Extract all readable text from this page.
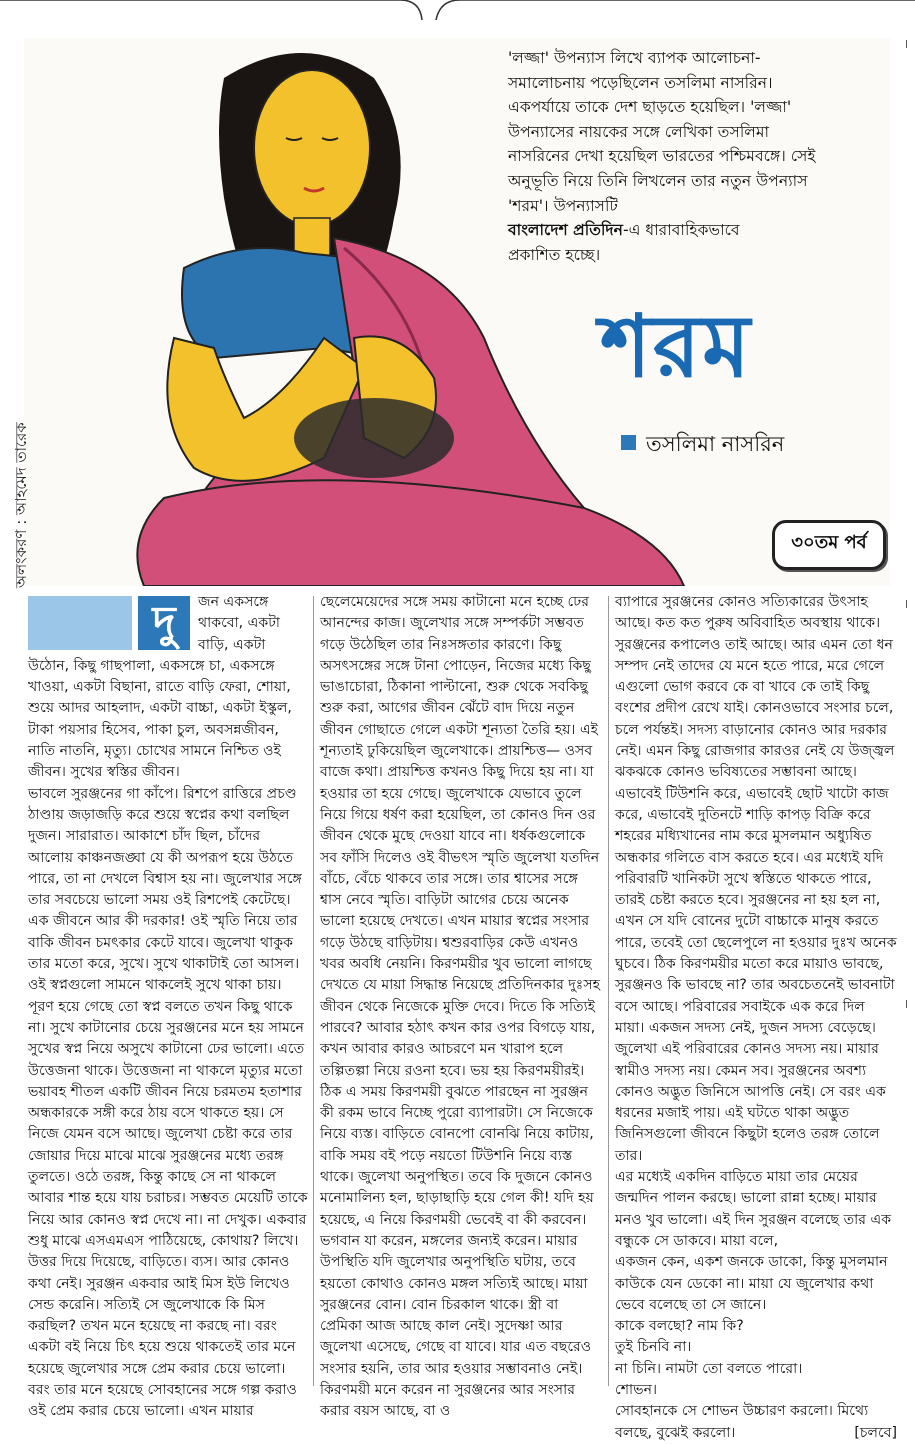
অলংকরণ : আহমেদ তারেক

'লজ্জা' উপন্যাস লিখে ব্যাপক আলোচনা-

সমালোচনায় পড়েছিলেন তসলিমা নাসরিন।

একপর্যায়ে তাকে দেশ ছাড়তে হয়েছিল। 'লজ্জা'

উপন্যাসের নায়কের সঙ্গে লেখিকা তসলিমা

নাসরিনের দেখা হয়েছিল ভারতের পশ্চিমবঙ্গে। সেই

অনুভূতি নিয়ে তিনি লিখলেন তার নতুন উপন্যাস

'শরম'। উপন্যাসটি

বাংলাদেশ প্রতিদিন-এ ধারাবাহিকভাবে

প্রকাশিত হচ্ছে।

শরম
তসলিমা নাসরিন
৩০তম পর্ব
দু	জন একসঙ্গে থাকবো, একটা বাড়ি, একটা উঠোন, কিছু গাছপালা, একসঙ্গে চা, একসঙ্গে খাওয়া, একটা বিছানা, রাতে বাড়ি ফেরা, শোয়া, শুয়ে আদর আহলাদ, একটা বাচ্চা, একটা ইস্কুল, টাকা পয়সার হিসেব, পাকা চুল, অবসন্নজীবন, নাতি নাতনি, মৃত্যু। চোখের সামনে নিশ্চিত ওই জীবন। সুখের স্বস্তির জীবন।

ভাবলে সুরঞ্জনের গা কাঁপে। রিশপে রাত্তিরে প্রচণ্ড ঠাণ্ডায় জড়াজড়ি করে শুয়ে স্বপ্নের কথা বলছিল দুজন। সারারাত। আকাশে চাঁদ ছিল, চাঁদের আলোয় কাঞ্চনজঙ্ঘা যে কী অপরূপ হয়ে উঠতে পারে, তা না দেখলে বিশ্বাস হয় না। জুলেখার সঙ্গে তার সবচেয়ে ভালো সময় ওই রিশপেই কেটেছে। এক জীবনে আর কী দরকার! ওই স্মৃতি নিয়ে তার বাকি জীবন চমৎকার কেটে যাবে। জুলেখা থাকুক তার মতো করে, সুখে। সুখে থাকাটাই তো আসল। ওই স্বপ্নগুলো সামনে থাকলেই সুখে থাকা চায়। পূরণ হয়ে গেছে তো স্বপ্ন বলতে তখন কিছু থাকে না। সুখে কাটানোর চেয়ে সুরঞ্জনের মনে হয় সামনে সুখের স্বপ্ন নিয়ে অসুখে কাটানো ঢের ভালো। এতে উত্তেজনা থাকে। উত্তেজনা না থাকলে মৃত্যুর মতো ভয়াবহ শীতল একটি জীবন নিয়ে চরমতম হতাশার অন্ধকারকে সঙ্গী করে ঠায় বসে থাকতে হয়। সে নিজে যেমন বসে আছে। জুলেখা চেষ্টা করে তার জোয়ার দিয়ে মাঝে মাঝে সুরঞ্জনের মধ্যে তরঙ্গ তুলতে। ওঠে তরঙ্গ, কিন্তু কাছে সে না থাকলে আবার শান্ত হয়ে যায় চরাচর। সম্ভবত মেয়েটি তাকে নিয়ে আর কোনও স্বপ্ন দেখে না। না দেখুক। একবার শুধু মাঝে এসএমএস পাঠিয়েছে, কোথায়? লিখে। উত্তর দিয়ে দিয়েছে, বাড়িতে। ব্যস। আর কোনও কথা নেই। সুরঞ্জন একবার আই মিস ইউ লিখেও সেন্ড করেনি। সত্যিই সে জুলেখাকে কি মিস করছিল? তখন মনে হয়েছে না করছে না। বরং একটা বই নিয়ে চিৎ হয়ে শুয়ে থাকতেই তার মনে হয়েছে জুলেখার সঙ্গে প্রেম করার চেয়ে ভালো। বরং তার মনে হয়েছে সোবহানের সঙ্গে গল্প করাও ওই প্রেম করার চেয়ে ভালো। এখন মায়ার

ছেলেমেয়েদের সঙ্গে সময় কাটানো মনে হচ্ছে ঢের আনন্দের কাজ। জুলেখার সঙ্গে সম্পর্কটা সম্ভবত গড়ে উঠেছিল তার নিঃসঙ্গতার কারণে। কিছু অসৎসঙ্গের সঙ্গে টানা পোড়েন, নিজের মধ্যে কিছু ভাঙাচোরা, ঠিকানা পাল্টানো, শুরু থেকে সবকিছু শুরু করা, আগের জীবন ঝেঁটে বাদ দিয়ে নতুন জীবন গোছাতে গেলে একটা শূন্যতা তৈরি হয়। এই শূন্যতাই ঢুকিয়েছিল জুলেখাকে। প্রায়শ্চিত্ত— ওসব বাজে কথা। প্রায়শ্চিত্ত কখনও কিছু দিয়ে হয় না। যা হওয়ার তা হয়ে গেছে। জুলেখাকে যেভাবে তুলে নিয়ে গিয়ে ধর্ষণ করা হয়েছিল, তা কোনও দিন ওর জীবন থেকে মুছে দেওয়া যাবে না। ধর্ষকগুলোকে সব ফাঁসি দিলেও ওই বীভৎস স্মৃতি জুলেখা যতদিন বাঁচে, বেঁচে থাকবে তার সঙ্গে। তার শ্বাসের সঙ্গে শ্বাস নেবে স্মৃতি। বাড়িটা আগের চেয়ে অনেক ভালো হয়েছে দেখতে। এখন মায়ার স্বপ্নের সংসার গড়ে উঠছে বাড়িটায়। শ্বশুরবাড়ির কেউ এখনও খবর অবধি নেয়নি। কিরণময়ীর খুব ভালো লাগছে দেখতে যে মায়া সিদ্ধান্ত নিয়েছে প্রতিদিনকার দুঃসহ জীবন থেকে নিজেকে মুক্তি দেবে। দিতে কি সত্যিই পারবে? আবার হঠাৎ কখন কার ওপর বিগড়ে যায়, কখন আবার কারও আচরণে মন খারাপ হলে তল্পিতল্পা নিয়ে রওনা হবে। ভয় হয় কিরণময়ীরই। ঠিক এ সময় কিরণময়ী বুঝতে পারছেন না সুরঞ্জন কী রকম ভাবে নিচ্ছে পুরো ব্যাপারটা। সে নিজেকে নিয়ে ব্যস্ত। বাড়িতে বোনপো বোনঝি নিয়ে কাটায়, বাকি সময় বই পড়ে নয়তো টিউশনি নিয়ে ব্যস্ত থাকে। জুলেখা অনুপস্থিত। তবে কি দুজনে কোনও মনোমালিন্য হল, ছাড়াছাড়ি হয়ে গেল কী! যদি হয় হয়েছে, এ নিয়ে কিরণময়ী ভেবেই বা কী করবেন। ভগবান যা করেন, মঙ্গলের জন্যই করেন। মায়ার উপস্থিতি যদি জুলেখার অনুপস্থিতি ঘটায়, তবে হয়তো কোথাও কোনও মঙ্গল সত্যিই আছে। মায়া সুরঞ্জনের বোন। বোন চিরকাল থাকে। স্ত্রী বা প্রেমিকা আজ আছে কাল নেই। সুদেষ্ণা আর জুলেখা এসেছে, গেছে বা যাবে। যার এত বছরেও সংসার হয়নি, তার আর হওয়ার সম্ভাবনাও নেই। কিরণময়ী মনে করেন না সুরঞ্জনের আর সংসার করার বয়স আছে, বা ও

ব্যাপারে সুরঞ্জনের কোনও সত্যিকারের উৎসাহ আছে। কত কত পুরুষ অবিবাহিত অবস্থায় থাকে। সুরঞ্জনের কপালেও তাই আছে। আর এমন তো ধন সম্পদ নেই তাদের যে মনে হতে পারে, মরে গেলে এগুলো ভোগ করবে কে বা খাবে কে তাই কিছু বংশের প্রদীপ রেখে যাই। কোনওভাবে সংসার চলে, চলে পর্যন্তই। সদস্য বাড়ানোর কোনও আর দরকার নেই। এমন কিছু রোজগার কারওর নেই যে উজ্জ্বল ঝকঝকে কোনও ভবিষ্যতের সম্ভাবনা আছে। এভাবেই টিউশনি করে, এভাবেই ছোট খাটো কাজ করে, এভাবেই দুতিনটে শাড়ি কাপড় বিক্রি করে শহরের মধ্যিখানের নাম করে মুসলমান অধ্যুষিত অন্ধকার গলিতে বাস করতে হবে। এর মধ্যেই যদি পরিবারটি খানিকটা সুখে স্বস্তিতে থাকতে পারে, তারই চেষ্টা করতে হবে। সুরঞ্জনের না হয় হল না, এখন সে যদি বোনের দুটো বাচ্চাকে মানুষ করতে পারে, তবেই তো ছেলেপুলে না হওয়ার দুঃখ অনেক ঘুচবে। ঠিক কিরণময়ীর মতো করে মায়াও ভাবছে, সুরঞ্জনও কি ভাবছে না? তার অবচেতনেই ভাবনাটা বসে আছে। পরিবারের সবাইকে এক করে দিল মায়া। একজন সদস্য নেই, দুজন সদস্য বেড়েছে। জুলেখা এই পরিবারের কোনও সদস্য নয়। মায়ার স্বামীও সদস্য নয়। কেমন সব। সুরঞ্জনের অবশ্য কোনও অদ্ভুত জিনিসে আপত্তি নেই। সে বরং এক ধরনের মজাই পায়। এই ঘটতে থাকা অদ্ভুত জিনিসগুলো জীবনে কিছুটা হলেও তরঙ্গ তোলে তার।

এর মধ্যেই একদিন বাড়িতে মায়া তার মেয়ের জন্মদিন পালন করছে। ভালো রান্না হচ্ছে। মায়ার মনও খুব ভালো। এই দিন সুরঞ্জন বলেছে তার এক বন্ধুকে সে ডাকবে। মায়া বলে,

একজন কেন, একশ জনকে ডাকো, কিন্তু মুসলমান কাউকে যেন ডেকো না। মায়া যে জুলেখার কথা ভেবে বলেছে তা সে জানে।

কাকে বলছো? নাম কি?

তুই চিনবি না।

না চিনি। নামটা তো বলতে পারো।

শোভন।

সোবহানকে সে শোভন উচ্চারণ করলো। মিথ্যে বলছে, বুঝেই করলো।	[চলবে]
